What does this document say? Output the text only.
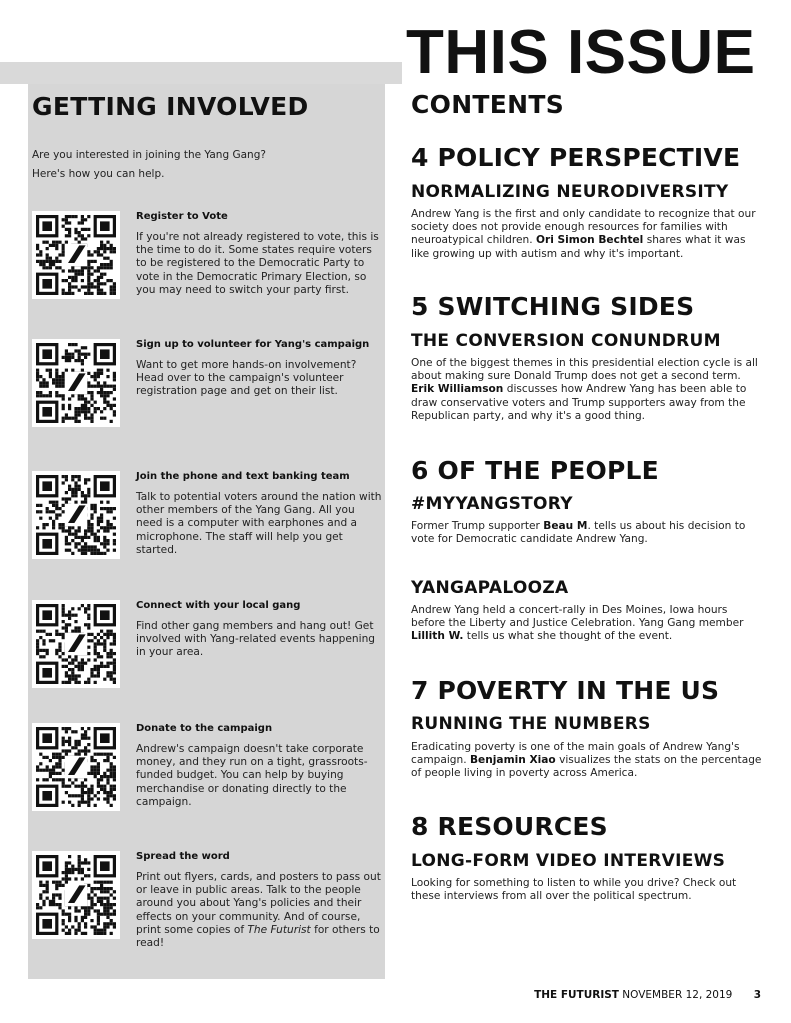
THIS ISSUE
GETTING INVOLVED
Are you interested in joining the Yang Gang?
Here's how you can help.
Register to Vote
If you're not already registered to vote, this is the time to do it. Some states require voters to be registered to the Democratic Party to vote in the Democratic Primary Election, so you may need to switch your party first.
Sign up to volunteer for Yang's campaign
Want to get more hands-on involvement? Head over to the campaign's volunteer registration page and get on their list.
Join the phone and text banking team
Talk to potential voters around the nation with other members of the Yang Gang. All you need is a computer with earphones and a microphone. The staff will help you get started.
Connect with your local gang
Find other gang members and hang out! Get involved with Yang-related events happening in your area.
Donate to the campaign
Andrew's campaign doesn't take corporate money, and they run on a tight, grassroots-funded budget. You can help by buying merchandise or donating directly to the campaign.
Spread the word
Print out flyers, cards, and posters to pass out or leave in public areas. Talk to the people around you about Yang's policies and their effects on your community. And of course, print some copies of The Futurist for others to read!
CONTENTS
4 POLICY PERSPECTIVE
NORMALIZING NEURODIVERSITY
Andrew Yang is the first and only candidate to recognize that our society does not provide enough resources for families with neuroatypical children. Ori Simon Bechtel shares what it was like growing up with autism and why it's important.
5 SWITCHING SIDES
THE CONVERSION CONUNDRUM
One of the biggest themes in this presidential election cycle is all about making sure Donald Trump does not get a second term. Erik Williamson discusses how Andrew Yang has been able to draw conservative voters and Trump supporters away from the Republican party, and why it's a good thing.
6 OF THE PEOPLE
#MYYANGSTORY
Former Trump supporter Beau M. tells us about his decision to vote for Democratic candidate Andrew Yang.
YANGAPALOOZA
Andrew Yang held a concert-rally in Des Moines, Iowa hours before the Liberty and Justice Celebration. Yang Gang member Lillith W. tells us what she thought of the event.
7 POVERTY IN THE US
RUNNING THE NUMBERS
Eradicating poverty is one of the main goals of Andrew Yang's campaign. Benjamin Xiao visualizes the stats on the percentage of people living in poverty across America.
8 RESOURCES
LONG-FORM VIDEO INTERVIEWS
Looking for something to listen to while you drive? Check out these interviews from all over the political spectrum.
THE FUTURIST NOVEMBER 12, 2019 3
